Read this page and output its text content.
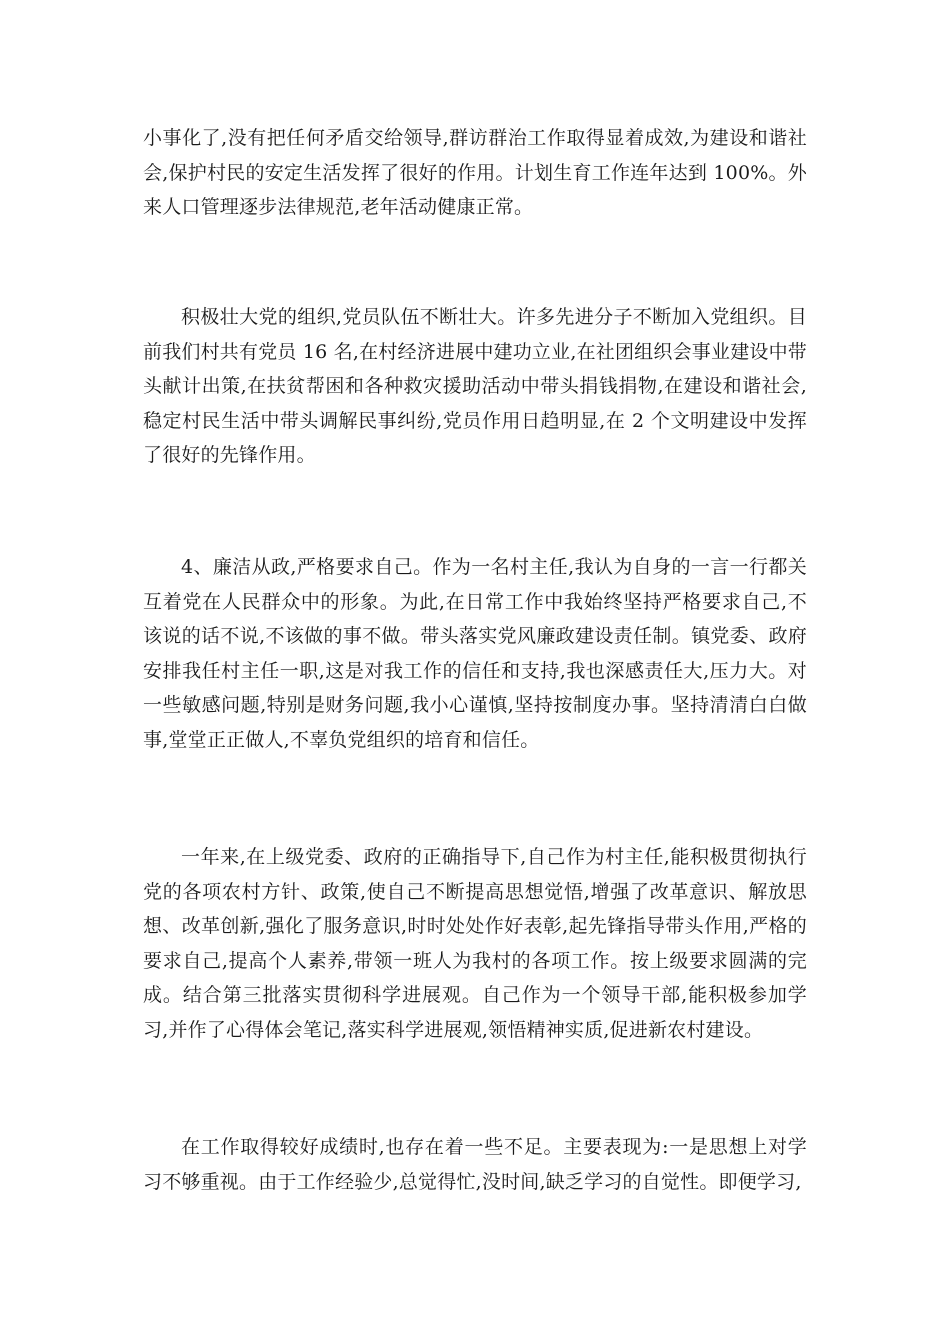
小事化了,没有把任何矛盾交给领导,群访群治工作取得显着成效,为建设和谐社会,保护村民的安定生活发挥了很好的作用。计划生育工作连年达到 100%。外来人口管理逐步法律规范,老年活动健康正常。

积极壮大党的组织,党员队伍不断壮大。许多先进分子不断加入党组织。目前我们村共有党员 16 名,在村经济进展中建功立业,在社团组织会事业建设中带头献计出策,在扶贫帮困和各种救灾援助活动中带头捐钱捐物,在建设和谐社会,稳定村民生活中带头调解民事纠纷,党员作用日趋明显,在 2 个文明建设中发挥了很好的先锋作用。

4、廉洁从政,严格要求自己。作为一名村主任,我认为自身的一言一行都关互着党在人民群众中的形象。为此,在日常工作中我始终坚持严格要求自己,不该说的话不说,不该做的事不做。带头落实党风廉政建设责任制。镇党委、政府安排我任村主任一职,这是对我工作的信任和支持,我也深感责任大,压力大。对一些敏感问题,特别是财务问题,我小心谨慎,坚持按制度办事。坚持清清白白做事,堂堂正正做人,不辜负党组织的培育和信任。

一年来,在上级党委、政府的正确指导下,自己作为村主任,能积极贯彻执行党的各项农村方针、政策,使自己不断提高思想觉悟,增强了改革意识、解放思想、改革创新,强化了服务意识,时时处处作好表彰,起先锋指导带头作用,严格的要求自己,提高个人素养,带领一班人为我村的各项工作。按上级要求圆满的完成。结合第三批落实贯彻科学进展观。自己作为一个领导干部,能积极参加学习,并作了心得体会笔记,落实科学进展观,领悟精神实质,促进新农村建设。

在工作取得较好成绩时,也存在着一些不足。主要表现为:一是思想上对学习不够重视。由于工作经验少,总觉得忙,没时间,缺乏学习的自觉性。即便学习,
